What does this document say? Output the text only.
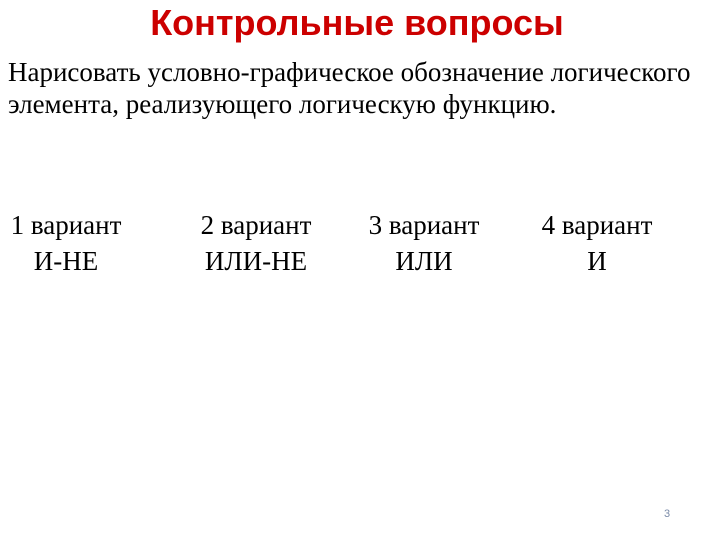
Контрольные вопросы
Нарисовать условно-графическое обозначение логического элемента, реализующего логическую функцию.
1 вариант
И-НЕ
2 вариант
ИЛИ-НЕ
3 вариант
ИЛИ
4 вариант
И
3
